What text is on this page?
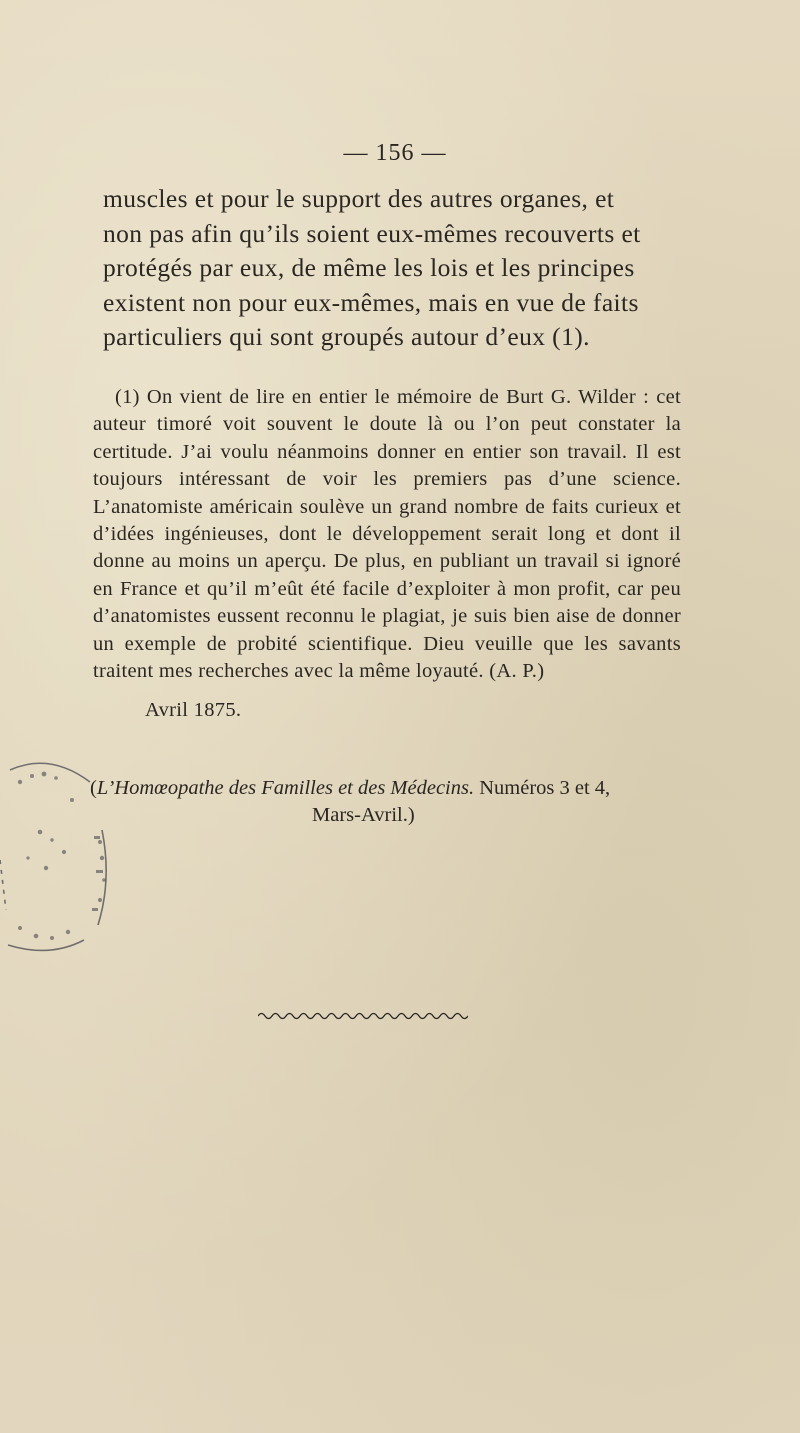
— 156 —
muscles et pour le support des autres organes, et
non pas afin qu’ils soient eux-mêmes recouverts et
protégés par eux, de même les lois et les principes
existent non pour eux-mêmes, mais en vue de faits
particuliers qui sont groupés autour d’eux (1).

(1) On vient de lire en entier le mémoire de Burt G. Wilder : cet auteur timoré voit souvent le doute là ou l’on peut constater la certitude. J’ai voulu néanmoins donner en entier son travail. Il est toujours intéressant de voir les premiers pas d’une science. L’anatomiste américain soulève un grand nombre de faits curieux et d’idées ingénieuses, dont le développement serait long et dont il donne au moins un aperçu. De plus, en publiant un travail si ignoré en France et qu’il m’eût été facile d’exploiter à mon profit, car peu d’anatomistes eussent reconnu le plagiat, je suis bien aise de donner un exemple de probité scientifique. Dieu veuille que les savants traitent mes recherches avec la même loyauté. (A. P.)

Avril 1875.

(L’Homœopathe des Familles et des Médecins. Numéros 3 et 4,
Mars-Avril.)
